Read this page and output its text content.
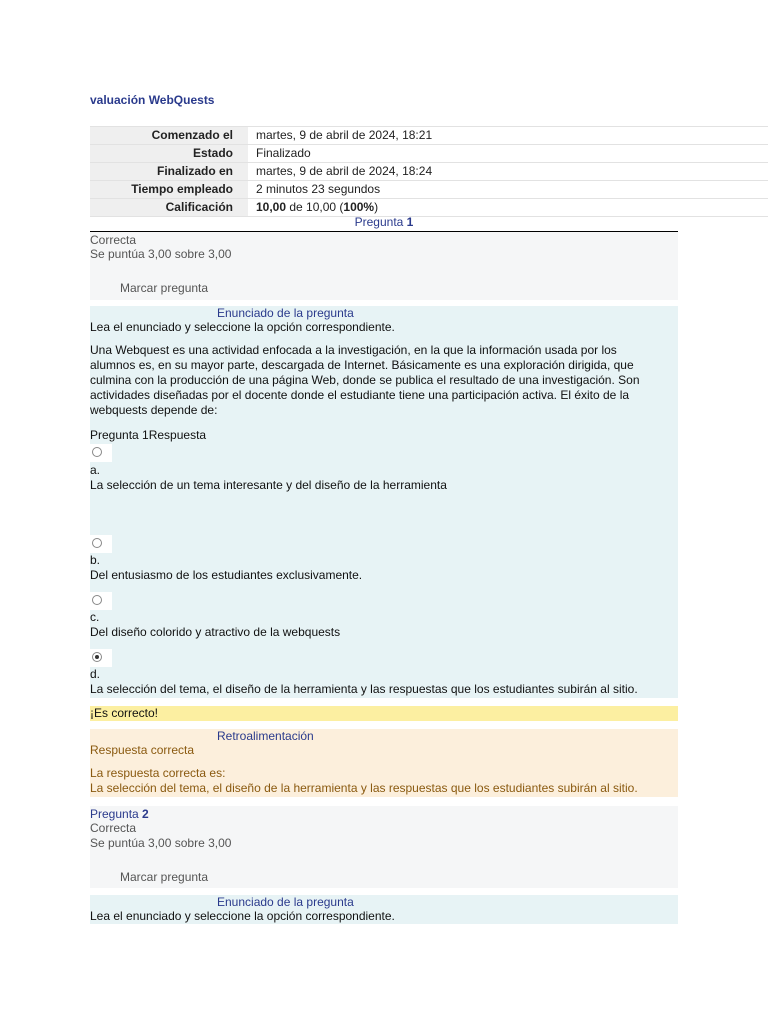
valuación WebQuests
Comenzado el	martes, 9 de abril de 2024, 18:21
Estado	Finalizado
Finalizado en	martes, 9 de abril de 2024, 18:24
Tiempo empleado	2 minutos 23 segundos
Calificación	10,00 de 10,00 (100%)
Pregunta 1
Correcta
Se puntúa 3,00 sobre 3,00
Marcar pregunta
Enunciado de la pregunta
Lea el enunciado y seleccione la opción correspondiente.
Una Webquest es una actividad enfocada a la investigación, en la que la información usada por los
alumnos es, en su mayor parte, descargada de Internet. Básicamente es una exploración dirigida, que
culmina con la producción de una página Web, donde se publica el resultado de una investigación. Son
actividades diseñadas por el docente donde el estudiante tiene una participación activa. El éxito de la
webquests depende de:
Pregunta 1Respuesta
a.
La selección de un tema interesante y del diseño de la herramienta
b.
Del entusiasmo de los estudiantes exclusivamente.
c.
Del diseño colorido y atractivo de la webquests
d.
La selección del tema, el diseño de la herramienta y las respuestas que los estudiantes subirán al sitio.
¡Es correcto!
Retroalimentación
Respuesta correcta
La respuesta correcta es:
La selección del tema, el diseño de la herramienta y las respuestas que los estudiantes subirán al sitio.
Pregunta 2
Correcta
Se puntúa 3,00 sobre 3,00
Marcar pregunta
Enunciado de la pregunta
Lea el enunciado y seleccione la opción correspondiente.
